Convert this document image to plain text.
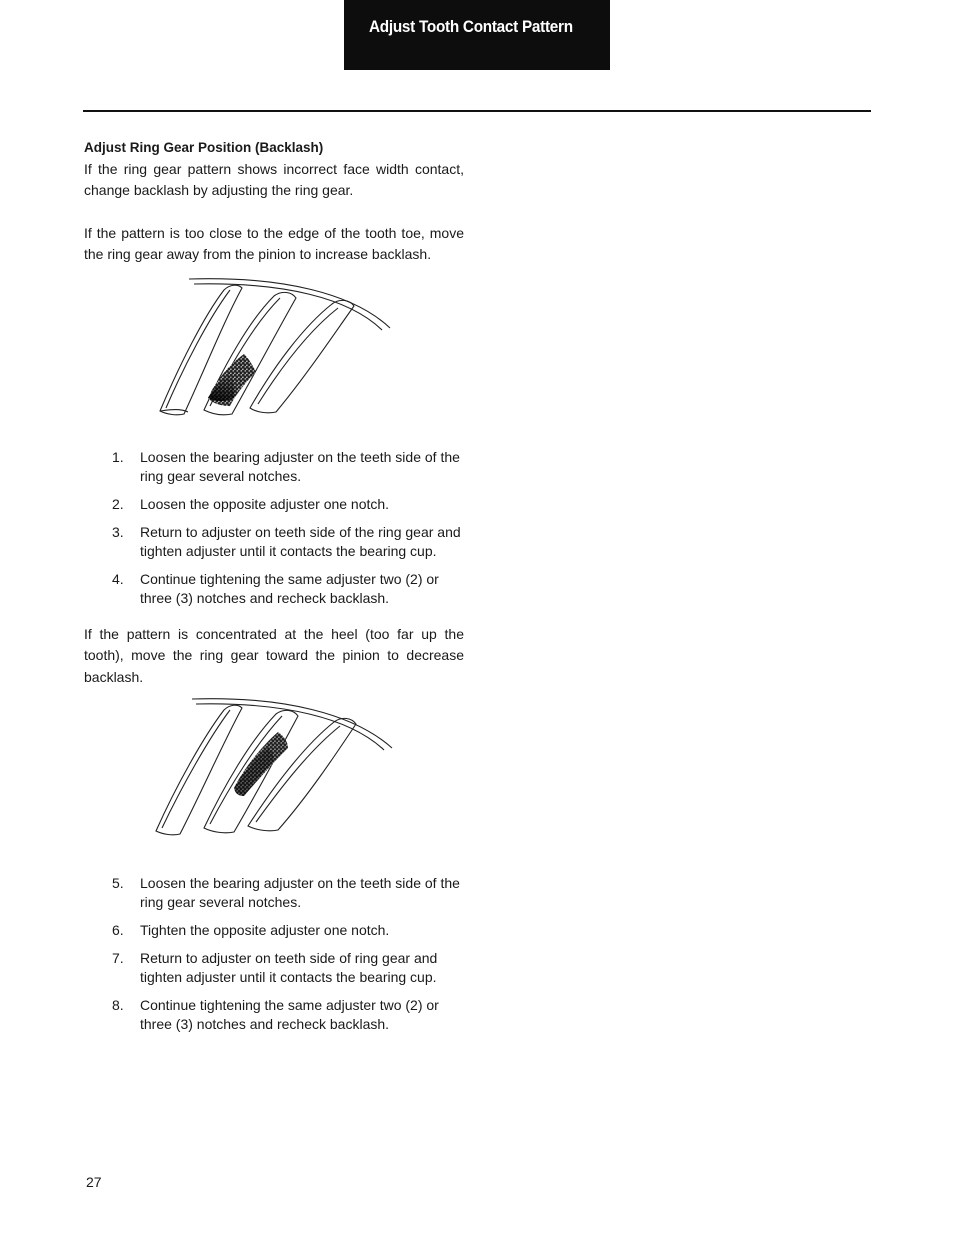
Adjust Tooth Contact Pattern

Adjust Ring Gear Position (Backlash)

If the ring gear pattern shows incorrect face width contact, change backlash by adjusting the ring gear.

If the pattern is too close to the edge of the tooth toe, move the ring gear away from the pinion to increase backlash.

1. Loosen the bearing adjuster on the teeth side of the ring gear several notches.
2. Loosen the opposite adjuster one notch.
3. Return to adjuster on teeth side of the ring gear and tighten adjuster until it contacts the bearing cup.
4. Continue tightening the same adjuster two (2) or three (3) notches and recheck backlash.

If the pattern is concentrated at the heel (too far up the tooth), move the ring gear toward the pinion to decrease backlash.

5. Loosen the bearing adjuster on the teeth side of the ring gear several notches.
6. Tighten the opposite adjuster one notch.
7. Return to adjuster on teeth side of ring gear and tighten adjuster until it contacts the bearing cup.
8. Continue tightening the same adjuster two (2) or three (3) notches and recheck backlash.
27
